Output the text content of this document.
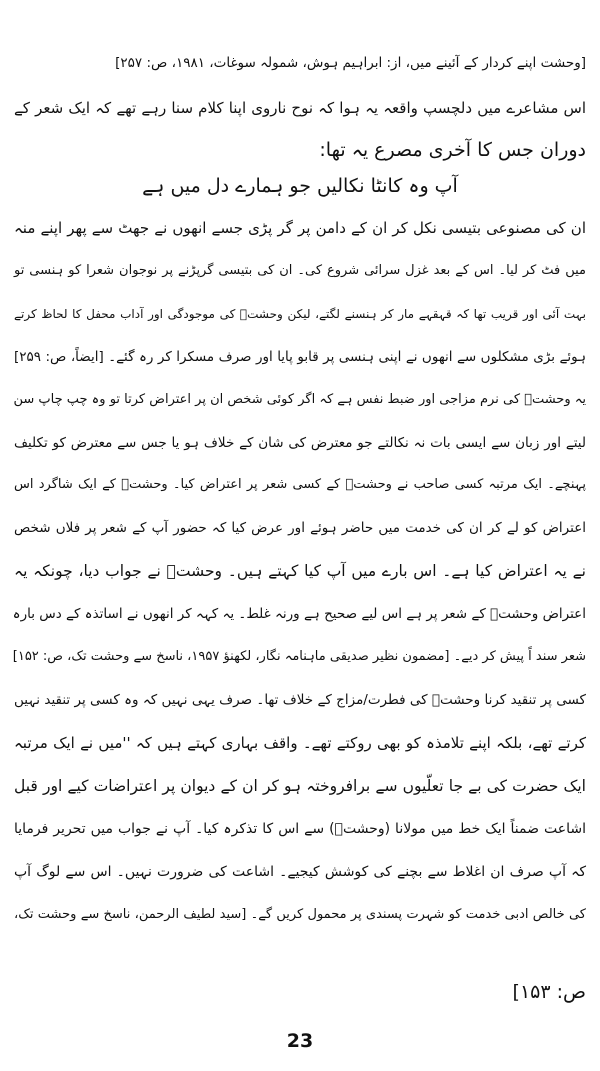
[وحشت اپنے کردار کے آئینے میں، از: ابراہیم ہوش، شمولہ سوغات، ۱۹۸۱، ص: ۲۵۷]
اس مشاعرے میں دلچسپ واقعہ یہ ہوا کہ نوح ناروی اپنا کلام سنا رہے تھے کہ ایک شعر کے
دوران جس کا آخری مصرع یہ تھا:
آپ وہ کانٹا نکالیں جو ہمارے دل میں ہے
ان کی مصنوعی بتیسی نکل کر ان کے دامن پر گر پڑی جسے انھوں نے جھٹ سے پھر اپنے منہ
میں فٹ کر لیا۔ اس کے بعد غزل سرائی شروع کی۔ ان کی بتیسی گرپڑنے پر نوجوان شعرا کو ہنسی تو
بہت آئی اور قریب تھا کہ قہقہے مار کر ہنسنے لگتے، لیکن وحشتؔ کی موجودگی اور آداب محفل کا لحاظ کرتے
ہوئے بڑی مشکلوں سے انھوں نے اپنی ہنسی پر قابو پایا اور صرف مسکرا کر رہ گئے۔ [ایضاً، ص: ۲۵۹]
یہ وحشتؔ کی نرم مزاجی اور ضبط نفس ہے کہ اگر کوئی شخص ان پر اعتراض کرتا تو وہ چپ چاپ سن
لیتے اور زبان سے ایسی بات نہ نکالتے جو معترض کی شان کے خلاف ہو یا جس سے معترض کو تکلیف
پہنچے۔ ایک مرتبہ کسی صاحب نے وحشتؔ کے کسی شعر پر اعتراض کیا۔ وحشتؔ کے ایک شاگرد اس
اعتراض کو لے کر ان کی خدمت میں حاضر ہوئے اور عرض کیا کہ حضور آپ کے شعر پر فلاں شخص
نے یہ اعتراض کیا ہے۔ اس بارے میں آپ کیا کہتے ہیں۔ وحشتؔ نے جواب دیا، چونکہ یہ
اعتراض وحشتؔ کے شعر پر ہے اس لیے صحیح ہے ورنہ غلط۔ یہ کہہ کر انھوں نے اساتذہ کے دس بارہ
شعر سند اً پیش کر دیے۔ [مضمون نظیر صدیقی ماہنامہ نگار، لکھنؤ ۱۹۵۷، ناسخ سے وحشت تک، ص: ۱۵۲]
کسی پر تنقید کرنا وحشتؔ کی فطرت/مزاج کے خلاف تھا۔ صرف یہی نہیں کہ وہ کسی پر تنقید نہیں
کرتے تھے، بلکہ اپنے تلامذہ کو بھی روکتے تھے۔ واقف بہاری کہتے ہیں کہ ''میں نے ایک مرتبہ
ایک حضرت کی بے جا تعلّیوں سے برافروختہ ہو کر ان کے دیوان پر اعتراضات کیے اور قبل
اشاعت ضمناً ایک خط میں مولانا (وحشتؔ) سے اس کا تذکرہ کیا۔ آپ نے جواب میں تحریر فرمایا
کہ آپ صرف ان اغلاط سے بچنے کی کوشش کیجیے۔ اشاعت کی ضرورت نہیں۔ اس سے لوگ آپ
کی خالص ادبی خدمت کو شہرت پسندی پر محمول کریں گے۔ [سید لطیف الرحمن، ناسخ سے وحشت تک،
ص: ۱۵۳]
23
